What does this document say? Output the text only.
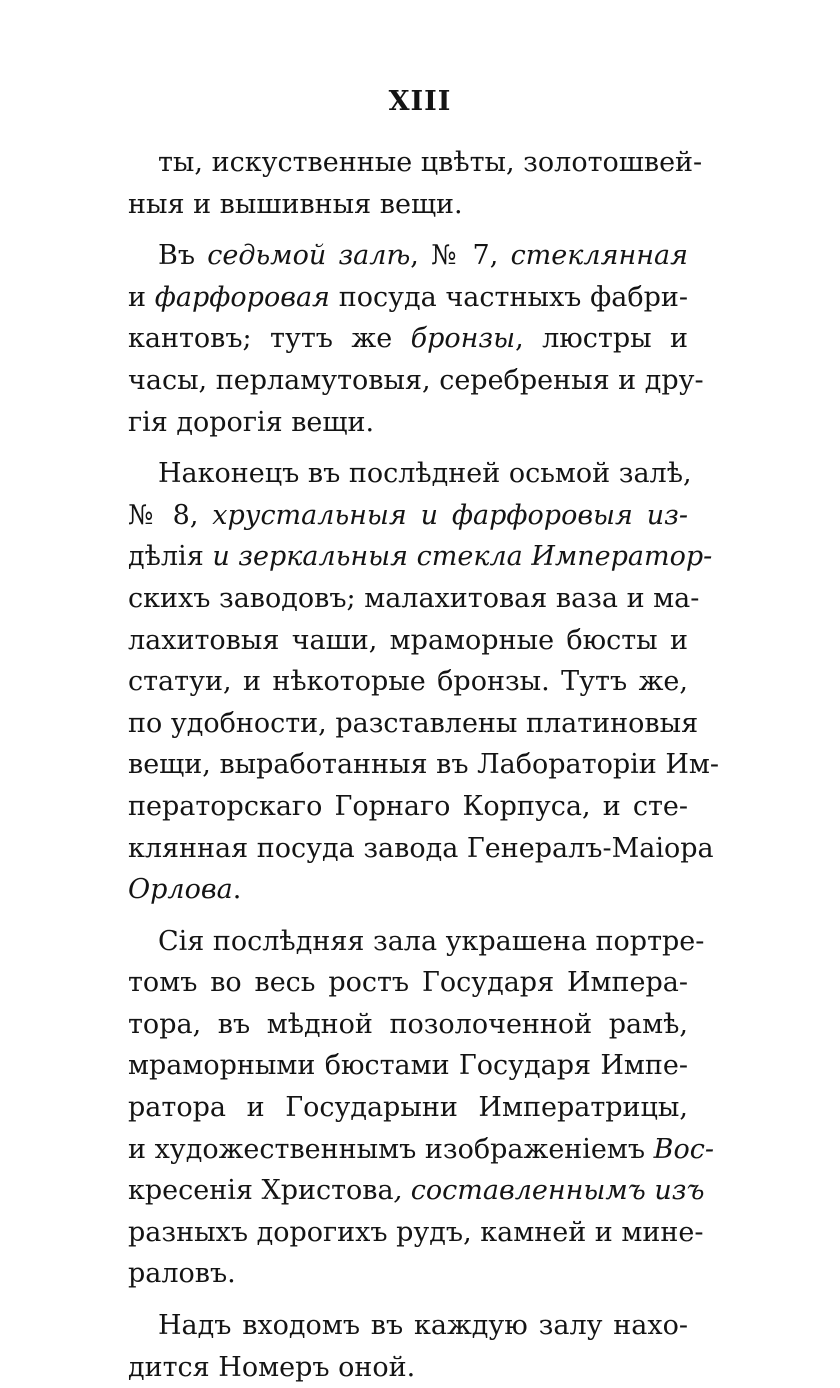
XIII
ты, искуственные цвѣты, золотошвей-
ныя и вышивныя вещи.
Въ седьмой залѣ, № 7, стеклянная
и фарфоровая посуда частныхъ фабри-
кантовъ; тутъ же бронзы, люстры и
часы, перламутовыя, серебреныя и дру-
гія дорогія вещи.
Наконецъ въ послѣдней осьмой залѣ,
№ 8, хрустальныя и фарфоровыя из-
дѣлія и зеркальныя стекла Император-
скихъ заводовъ; малахитовая ваза и ма-
лахитовыя чаши, мраморные бюсты и
статуи, и нѣкоторые бронзы. Тутъ же,
по удобности, разставлены платиновыя
вещи, выработанныя въ Лабораторіи Им-
ператорскаго Горнаго Корпуса, и сте-
клянная посуда завода Генералъ-Маіора
Орлова.
Сія послѣдняя зала украшена портре-
томъ во весь ростъ Государя Импера-
тора, въ мѣдной позолоченной рамѣ,
мраморными бюстами Государя Импе-
ратора и Государыни Императрицы,
и художественнымъ изображеніемъ Вос-
кресенія Христова, составленнымъ изъ
разныхъ дорогихъ рудъ, камней и мине-
раловъ.
Надъ входомъ въ каждую залу нахо-
дится Номеръ оной.
